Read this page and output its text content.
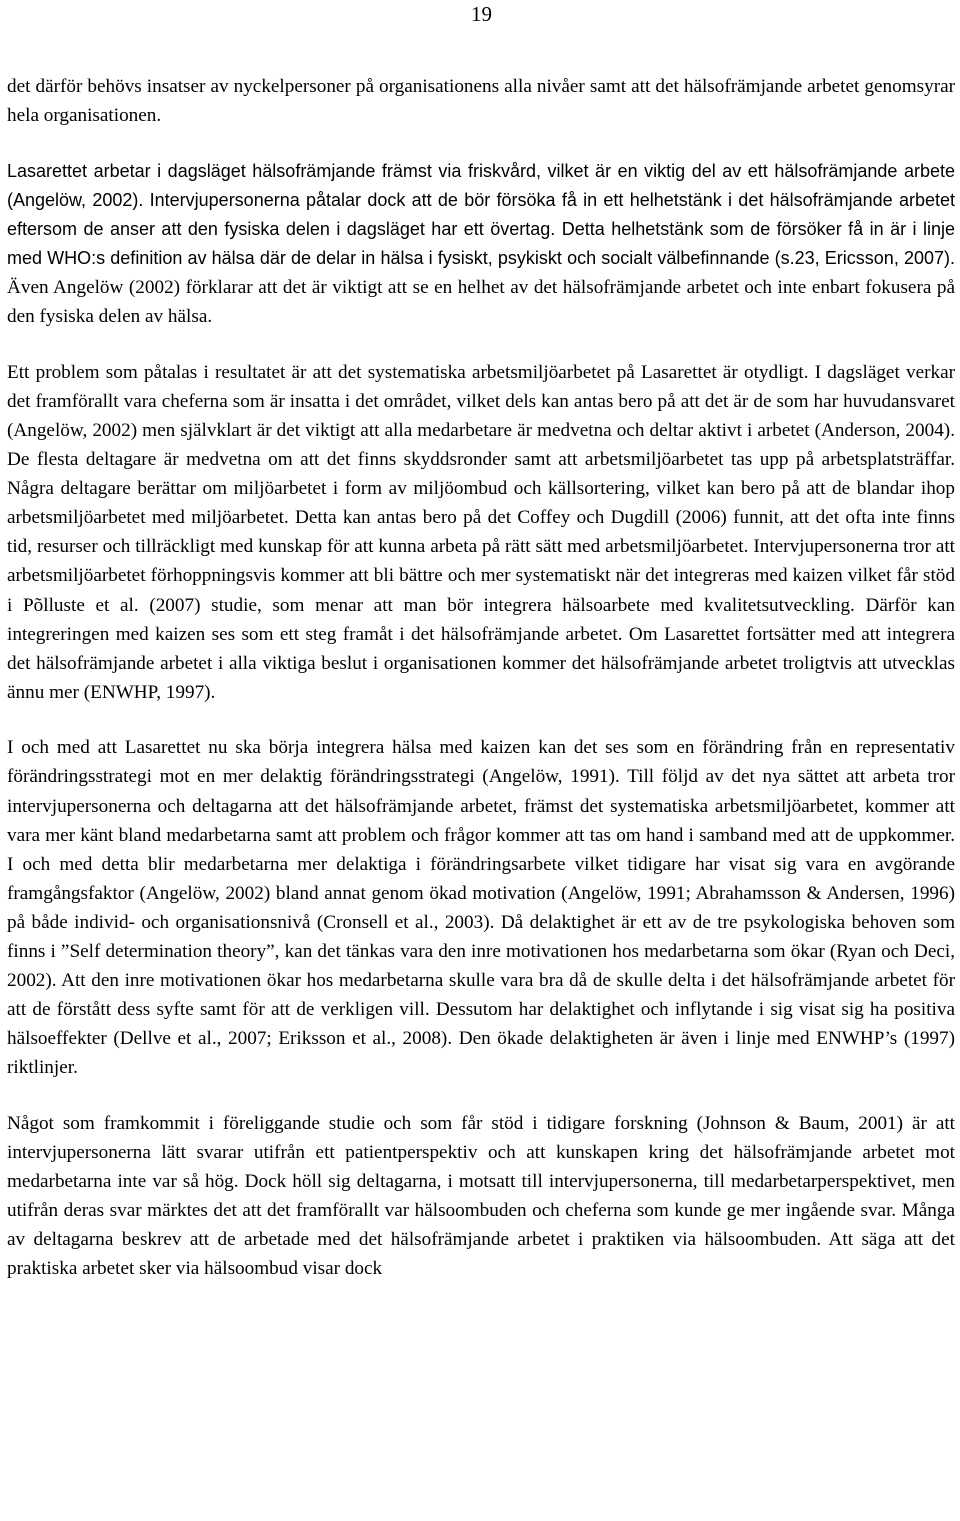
19

det därför behövs insatser av nyckelpersoner på organisationens alla nivåer samt att det hälsofrämjande arbetet genomsyrar hela organisationen.

Lasarettet arbetar i dagsläget hälsofrämjande främst via friskvård, vilket är en viktig del av ett hälsofrämjande arbete (Angelöw, 2002). Intervjupersonerna påtalar dock att de bör försöka få in ett helhetstänk i det hälsofrämjande arbetet eftersom de anser att den fysiska delen i dagsläget har ett övertag. Detta helhetstänk som de försöker få in är i linje med WHO:s definition av hälsa där de delar in hälsa i fysiskt, psykiskt och socialt välbefinnande (s.23, Ericsson, 2007). Även Angelöw (2002) förklarar att det är viktigt att se en helhet av det hälsofrämjande arbetet och inte enbart fokusera på den fysiska delen av hälsa.

Ett problem som påtalas i resultatet är att det systematiska arbetsmiljöarbetet på Lasarettet är otydligt. I dagsläget verkar det framförallt vara cheferna som är insatta i det området, vilket dels kan antas bero på att det är de som har huvudansvaret (Angelöw, 2002) men självklart är det viktigt att alla medarbetare är medvetna och deltar aktivt i arbetet (Anderson, 2004). De flesta deltagare är medvetna om att det finns skyddsronder samt att arbetsmiljöarbetet tas upp på arbetsplatsträffar. Några deltagare berättar om miljöarbetet i form av miljöombud och källsortering, vilket kan bero på att de blandar ihop arbetsmiljöarbetet med miljöarbetet. Detta kan antas bero på det Coffey och Dugdill (2006) funnit, att det ofta inte finns tid, resurser och tillräckligt med kunskap för att kunna arbeta på rätt sätt med arbetsmiljöarbetet. Intervjupersonerna tror att arbetsmiljöarbetet förhoppningsvis kommer att bli bättre och mer systematiskt när det integreras med kaizen vilket får stöd i Põlluste et al. (2007) studie, som menar att man bör integrera hälsoarbete med kvalitetsutveckling. Därför kan integreringen med kaizen ses som ett steg framåt i det hälsofrämjande arbetet. Om Lasarettet fortsätter med att integrera det hälsofrämjande arbetet i alla viktiga beslut i organisationen kommer det hälsofrämjande arbetet troligtvis att utvecklas ännu mer (ENWHP, 1997).

I och med att Lasarettet nu ska börja integrera hälsa med kaizen kan det ses som en förändring från en representativ förändringsstrategi mot en mer delaktig förändringsstrategi (Angelöw, 1991). Till följd av det nya sättet att arbeta tror intervjupersonerna och deltagarna att det hälsofrämjande arbetet, främst det systematiska arbetsmiljöarbetet, kommer att vara mer känt bland medarbetarna samt att problem och frågor kommer att tas om hand i samband med att de uppkommer. I och med detta blir medarbetarna mer delaktiga i förändringsarbete vilket tidigare har visat sig vara en avgörande framgångsfaktor (Angelöw, 2002) bland annat genom ökad motivation (Angelöw, 1991; Abrahamsson & Andersen, 1996) på både individ- och organisationsnivå (Cronsell et al., 2003). Då delaktighet är ett av de tre psykologiska behoven som finns i ”Self determination theory”, kan det tänkas vara den inre motivationen hos medarbetarna som ökar (Ryan och Deci, 2002). Att den inre motivationen ökar hos medarbetarna skulle vara bra då de skulle delta i det hälsofrämjande arbetet för att de förstått dess syfte samt för att de verkligen vill. Dessutom har delaktighet och inflytande i sig visat sig ha positiva hälsoeffekter (Dellve et al., 2007; Eriksson et al., 2008). Den ökade delaktigheten är även i linje med ENWHP’s (1997) riktlinjer.

Något som framkommit i föreliggande studie och som får stöd i tidigare forskning (Johnson & Baum, 2001) är att intervjupersonerna lätt svarar utifrån ett patientperspektiv och att kunskapen kring det hälsofrämjande arbetet mot medarbetarna inte var så hög. Dock höll sig deltagarna, i motsatt till intervjupersonerna, till medarbetarperspektivet, men utifrån deras svar märktes det att det framförallt var hälsoombuden och cheferna som kunde ge mer ingående svar. Många av deltagarna beskrev att de arbetade med det hälsofrämjande arbetet i praktiken via hälsoombuden. Att säga att det praktiska arbetet sker via hälsoombud visar dock
